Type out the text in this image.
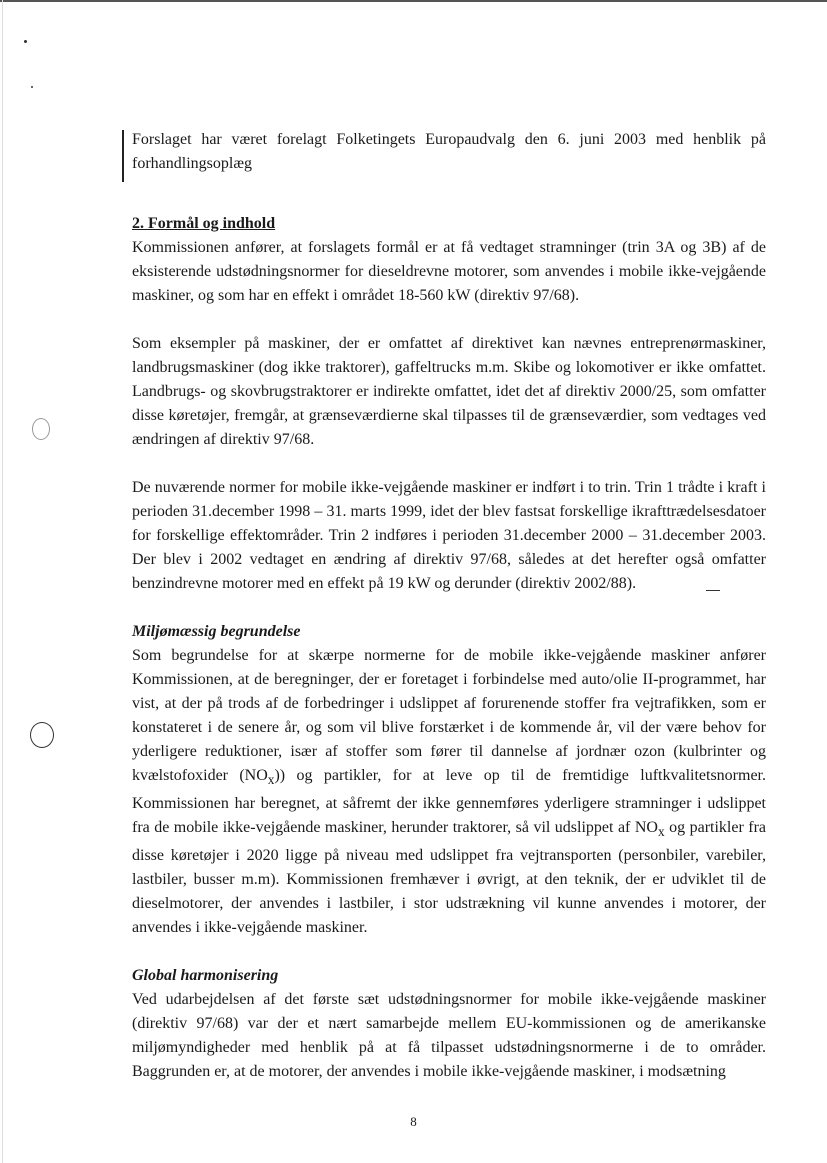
Forslaget har været forelagt Folketingets Europaudvalg den 6. juni 2003 med henblik på forhandlingsoplæg

2. Formål og indhold

Kommissionen anfører, at forslagets formål er at få vedtaget stramninger (trin 3A og 3B) af de eksisterende udstødningsnormer for dieseldrevne motorer, som anvendes i mobile ikke-vejgående maskiner, og som har en effekt i området 18-560 kW (direktiv 97/68).

Som eksempler på maskiner, der er omfattet af direktivet kan nævnes entreprenørmaskiner, landbrugsmaskiner (dog ikke traktorer), gaffeltrucks m.m. Skibe og lokomotiver er ikke omfattet. Landbrugs- og skovbrugstraktorer er indirekte omfattet, idet det af direktiv 2000/25, som omfatter disse køretøjer, fremgår, at grænseværdierne skal tilpasses til de grænseværdier, som vedtages ved ændringen af direktiv 97/68.

De nuværende normer for mobile ikke-vejgående maskiner er indført i to trin. Trin 1 trådte i kraft i perioden 31.december 1998 – 31. marts 1999, idet der blev fastsat forskellige ikrafttrædelsesdatoer for forskellige effektområder. Trin 2 indføres i perioden 31.december 2000 – 31.december 2003. Der blev i 2002 vedtaget en ændring af direktiv 97/68, således at det herefter også omfatter benzindrevne motorer med en effekt på 19 kW og derunder (direktiv 2002/88).

Miljømæssig begrundelse

Som begrundelse for at skærpe normerne for de mobile ikke-vejgående maskiner anfører Kommissionen, at de beregninger, der er foretaget i forbindelse med auto/olie II-programmet, har vist, at der på trods af de forbedringer i udslippet af forurenende stoffer fra vejtrafikken, som er konstateret i de senere år, og som vil blive forstærket i de kommende år, vil der være behov for yderligere reduktioner, især af stoffer som fører til dannelse af jordnær ozon (kulbrinter og kvælstofoxider $(NO_x)$) og partikler, for at leve op til de fremtidige luftkvalitetsnormer. Kommissionen har beregnet, at såfremt der ikke gennemføres yderligere stramninger i udslippet fra de mobile ikke-vejgående maskiner, herunder traktorer, så vil udslippet af $NO_x$ og partikler fra disse køretøjer i 2020 ligge på niveau med udslippet fra vejtransporten (personbiler, varebiler, lastbiler, busser m.m). Kommissionen fremhæver i øvrigt, at den teknik, der er udviklet til de dieselmotorer, der anvendes i lastbiler, i stor udstrækning vil kunne anvendes i motorer, der anvendes i ikke-vejgående maskiner.

Global harmonisering

Ved udarbejdelsen af det første sæt udstødningsnormer for mobile ikke-vejgående maskiner (direktiv 97/68) var der et nært samarbejde mellem EU-kommissionen og de amerikanske miljømyndigheder med henblik på at få tilpasset udstødningsnormerne i de to områder. Baggrunden er, at de motorer, der anvendes i mobile ikke-vejgående maskiner, i modsætning

8
